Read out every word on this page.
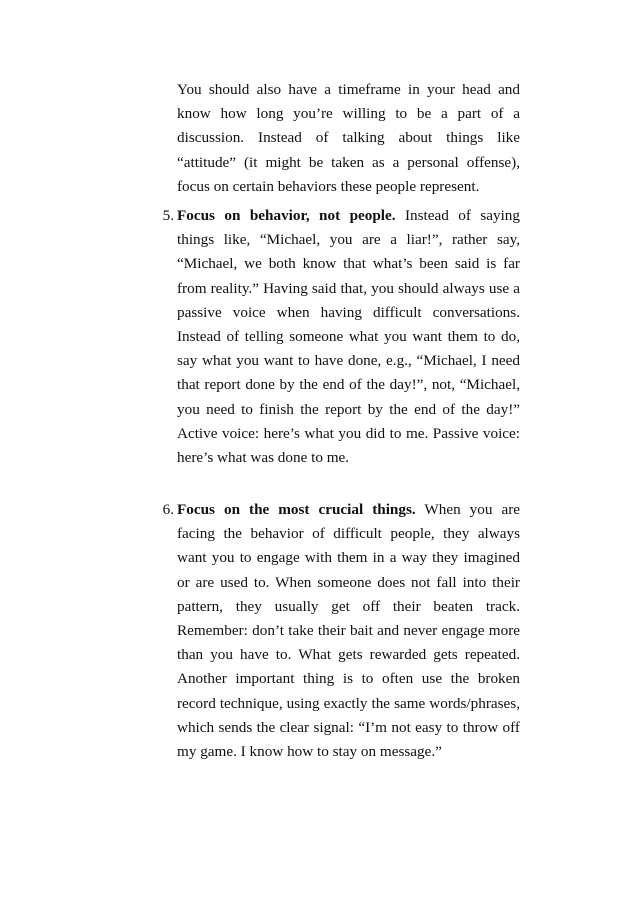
You should also have a timeframe in your head and know how long you’re willing to be a part of a discussion. Instead of talking about things like “attitude” (it might be taken as a personal offense), focus on certain behaviors these people represent.

5. Focus on behavior, not people. Instead of saying things like, “Michael, you are a liar!”, rather say, “Michael, we both know that what’s been said is far from reality.” Having said that, you should always use a passive voice when having difficult conversations. Instead of telling someone what you want them to do, say what you want to have done, e.g., “Michael, I need that report done by the end of the day!”, not, “Michael, you need to finish the report by the end of the day!” Active voice: here’s what you did to me. Passive voice: here’s what was done to me.

6. Focus on the most crucial things. When you are facing the behavior of difficult people, they always want you to engage with them in a way they imagined or are used to. When someone does not fall into their pattern, they usually get off their beaten track. Remember: don’t take their bait and never engage more than you have to. What gets rewarded gets repeated. Another important thing is to often use the broken record technique, using exactly the same words/phrases, which sends the clear signal: “I’m not easy to throw off my game. I know how to stay on message.”
